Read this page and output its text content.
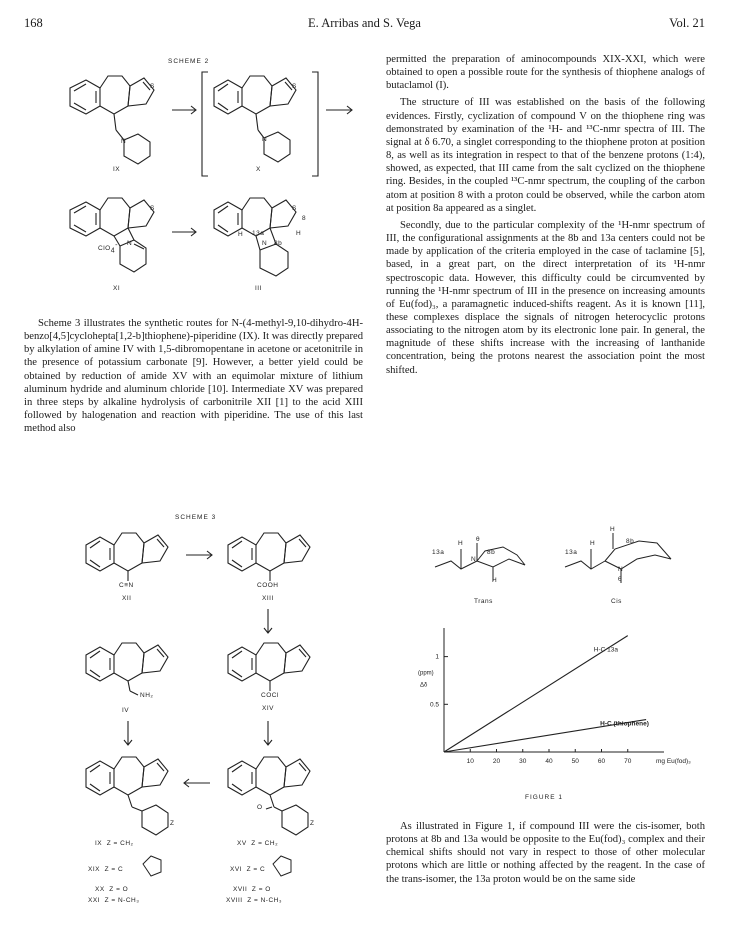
168	E. Arribas and S. Vega	Vol. 21
SCHEME 2
S
N
S
N
S
ClO$_4$- N
S
8
H 13a	H
N 8b
IX	X
XI	III

Scheme 3 illustrates the synthetic routes for N-(4-methyl-9,10-dihydro-4H-benzo[4,5]cyclohepta[1,2-b]thiophene)-piperidine (IX). It was directly prepared by alkylation of amine IV with 1,5-dibromopentane in acetone or acetonitrile in the presence of potassium carbonate [9]. However, a better yield could be obtained by reduction of amide XV with an equimolar mixture of lithium aluminum hydride and aluminum chloride [10]. Intermediate XV was prepared in three steps by alkaline hydrolysis of carbonitrile XII [1] to the acid XIII followed by halogenation and reaction with piperidine. The use of this last method also

SCHEME 3
C≡N
XII
COOH
XIII
NH₂
IV
COCl
XIV
Z
O
Z
IX Z = CH₂
XIX Z = C
XX Z = O
XXI Z = N-CH₃
XV Z = CH₂
XVI Z = C
XVII Z = O
XVIII Z = N-CH₃

permitted the preparation of aminocompounds XIX-XXI, which were obtained to open a possible route for the synthesis of thiophene analogs of butaclamol (I).

The structure of III was established on the basis of the following evidences. Firstly, cyclization of compound V on the thiophene ring was demonstrated by examination of the ¹H- and ¹³C-nmr spectra of III. The signal at δ 6.70, a singlet corresponding to the thiophene proton at position 8, as well as its integration in respect to that of the benzene protons (1:4), showed, as expected, that III came from the salt cyclized on the thiophene ring. Besides, in the coupled ¹³C-nmr spectrum, the coupling of the carbon atom at position 8 with a proton could be observed, while the carbon atom at position 8a appeared as a singlet.

Secondly, due to the particular complexity of the ¹H-nmr spectrum of III, the configurational assignments at the 8b and 13a centers could not be made by application of the criteria employed in the case of taclamine [5], based, in a great part, on the direct interpretation of its ¹H-nmr spectroscopic data. However, this difficulty could be circumvented by running the ¹H-nmr spectrum of III in the presence on increasing amounts of Eu(fod)₃, a paramagnetic induced-shifts reagent. As it is known [11], these complexes displace the signals of nitrogen heterocyclic protons associating to the nitrogen atom by its electronic lone pair. In general, the magnitude of these shifts increase with the increasing of lanthanide concentration, being the protons nearest the association point the most shifted.

H
13a
θ
N
8b
H
H
H
13a
8b
N
θ
Trans	Cis
10	20	30	40	50	60	70
0.5
1
(ppm)
Δδ
mg Eu(fod)₃
H-C 13a
H-C (thiophene)
FIGURE 1

As illustrated in Figure 1, if compound III were the cis-isomer, both protons at 8b and 13a would be opposite to the Eu(fod)₃ complex and their chemical shifts should not vary in respect to those of other molecular protons which are little or nothing affected by the reagent. In the case of the trans-isomer, the 13a proton would be on the same side
